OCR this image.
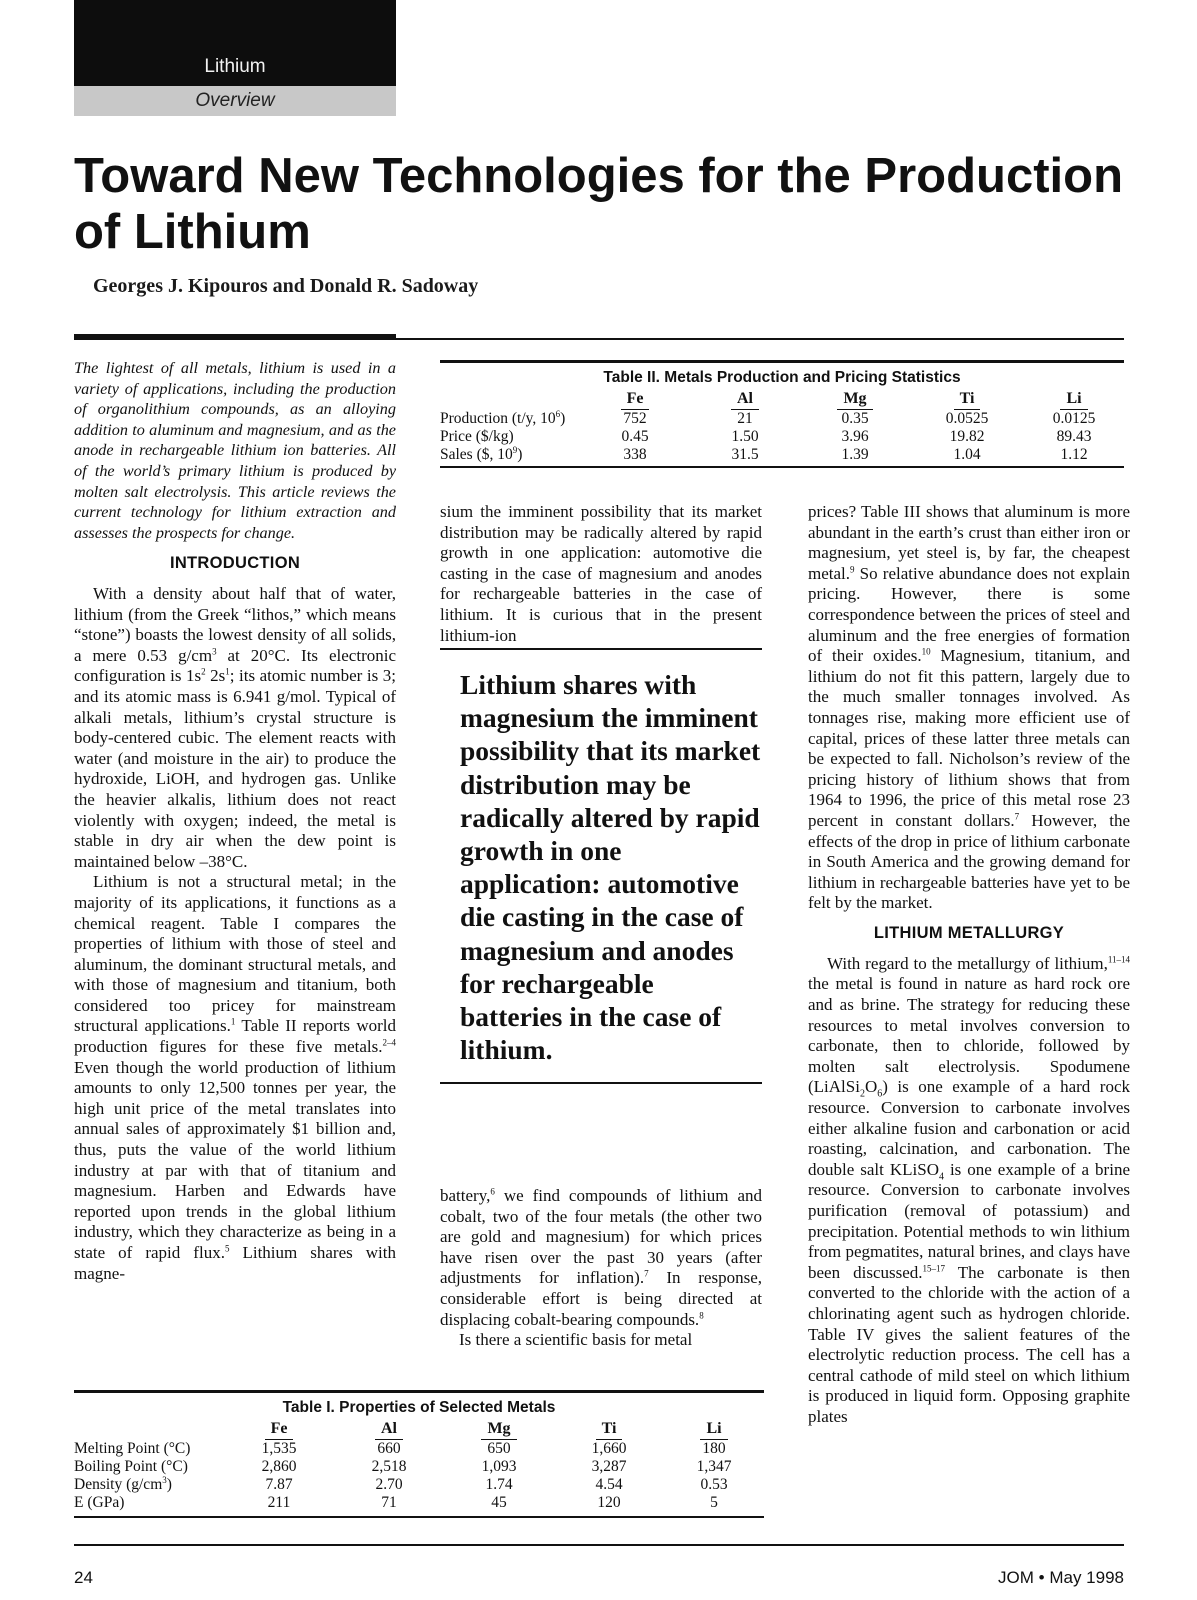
Lithium
Overview
Toward New Technologies for the Production of Lithium
Georges J. Kipouros and Donald R. Sadoway
The lightest of all metals, lithium is used in a variety of applications, including the production of organolithium compounds, as an alloying addition to aluminum and magnesium, and as the anode in rechargeable lithium ion batteries. All of the world’s primary lithium is produced by molten salt electrolysis. This article reviews the current technology for lithium extraction and assesses the prospects for change.
INTRODUCTION

With a density about half that of water, lithium (from the Greek “lithos,” which means “stone”) boasts the lowest density of all solids, a mere 0.53 $g/cm^3$ at 20°C. Its electronic configuration is $1s^2$ $2s^1$; its atomic number is 3; and its atomic mass is 6.941 g/mol. Typical of alkali metals, lithium’s crystal structure is body-centered cubic. The element reacts with water (and moisture in the air) to produce the hydroxide, LiOH, and hydrogen gas. Unlike the heavier alkalis, lithium does not react violently with oxygen; indeed, the metal is stable in dry air when the dew point is maintained below –38°C.

Lithium is not a structural metal; in the majority of its applications, it functions as a chemical reagent. Table I compares the properties of lithium with those of steel and aluminum, the dominant structural metals, and with those of magnesium and titanium, both considered too pricey for mainstream structural applications.$^1$ Table II reports world production figures for these five metals.$^{2-4}$ Even though the world production of lithium amounts to only 12,500 tonnes per year, the high unit price of the metal translates into annual sales of approximately $1 billion and, thus, puts the value of the world lithium industry at par with that of titanium and magnesium. Harben and Edwards have reported upon trends in the global lithium industry, which they characterize as being in a state of rapid flux.$^5$ Lithium shares with magne-

Table II. Metals Production and Pricing Statistics
	Fe	Al	Mg	Ti	Li
Production (t/y, $10^6$)	752	21	0.35	0.0525	0.0125
Price ($/kg)	0.45	1.50	3.96	19.82	89.43
Sales ($, $10^9$)	338	31.5	1.39	1.04	1.12

sium the imminent possibility that its market distribution may be radically altered by rapid growth in one application: automotive die casting in the case of magnesium and anodes for rechargeable batteries in the case of lithium. It is curious that in the present lithium-ion

Lithium shares with magnesium the imminent possibility that its market distribution may be radically altered by rapid growth in one application: automotive die casting in the case of magnesium and anodes for rechargeable batteries in the case of lithium.

battery,$^6$ we find compounds of lithium and cobalt, two of the four metals (the other two are gold and magnesium) for which prices have risen over the past 30 years (after adjustments for inflation).$^7$ In response, considerable effort is being directed at displacing cobalt-bearing compounds.$^8$

Is there a scientific basis for metal

Table I. Properties of Selected Metals
	Fe	Al	Mg	Ti	Li
Melting Point (°C)	1,535	660	650	1,660	180
Boiling Point (°C)	2,860	2,518	1,093	3,287	1,347
Density $(g/cm^3)$	7.87	2.70	1.74	4.54	0.53
E (GPa)	211	71	45	120	5

prices? Table III shows that aluminum is more abundant in the earth’s crust than either iron or magnesium, yet steel is, by far, the cheapest metal.$^9$ So relative abundance does not explain pricing. However, there is some correspondence between the prices of steel and aluminum and the free energies of formation of their oxides.$^{10}$ Magnesium, titanium, and lithium do not fit this pattern, largely due to the much smaller tonnages involved. As tonnages rise, making more efficient use of capital, prices of these latter three metals can be expected to fall. Nicholson’s review of the pricing history of lithium shows that from 1964 to 1996, the price of this metal rose 23 percent in constant dollars.$^7$ However, the effects of the drop in price of lithium carbonate in South America and the growing demand for lithium in rechargeable batteries have yet to be felt by the market.

LITHIUM METALLURGY

With regard to the metallurgy of lithium,$^{11-14}$ the metal is found in nature as hard rock ore and as brine. The strategy for reducing these resources to metal involves conversion to carbonate, then to chloride, followed by molten salt electrolysis. Spodumene $(LiAlSi_2O_6)$ is one example of a hard rock resource. Conversion to carbonate involves either alkaline fusion and carbonation or acid roasting, calcination, and carbonation. The double salt KLiSO$_4$ is one example of a brine resource. Conversion to carbonate involves purification (removal of potassium) and precipitation. Potential methods to win lithium from pegmatites, natural brines, and clays have been discussed.$^{15-17}$ The carbonate is then converted to the chloride with the action of a chlorinating agent such as hydrogen chloride. Table IV gives the salient features of the electrolytic reduction process. The cell has a central cathode of mild steel on which lithium is produced in liquid form. Opposing graphite plates

24	JOM • May 1998
